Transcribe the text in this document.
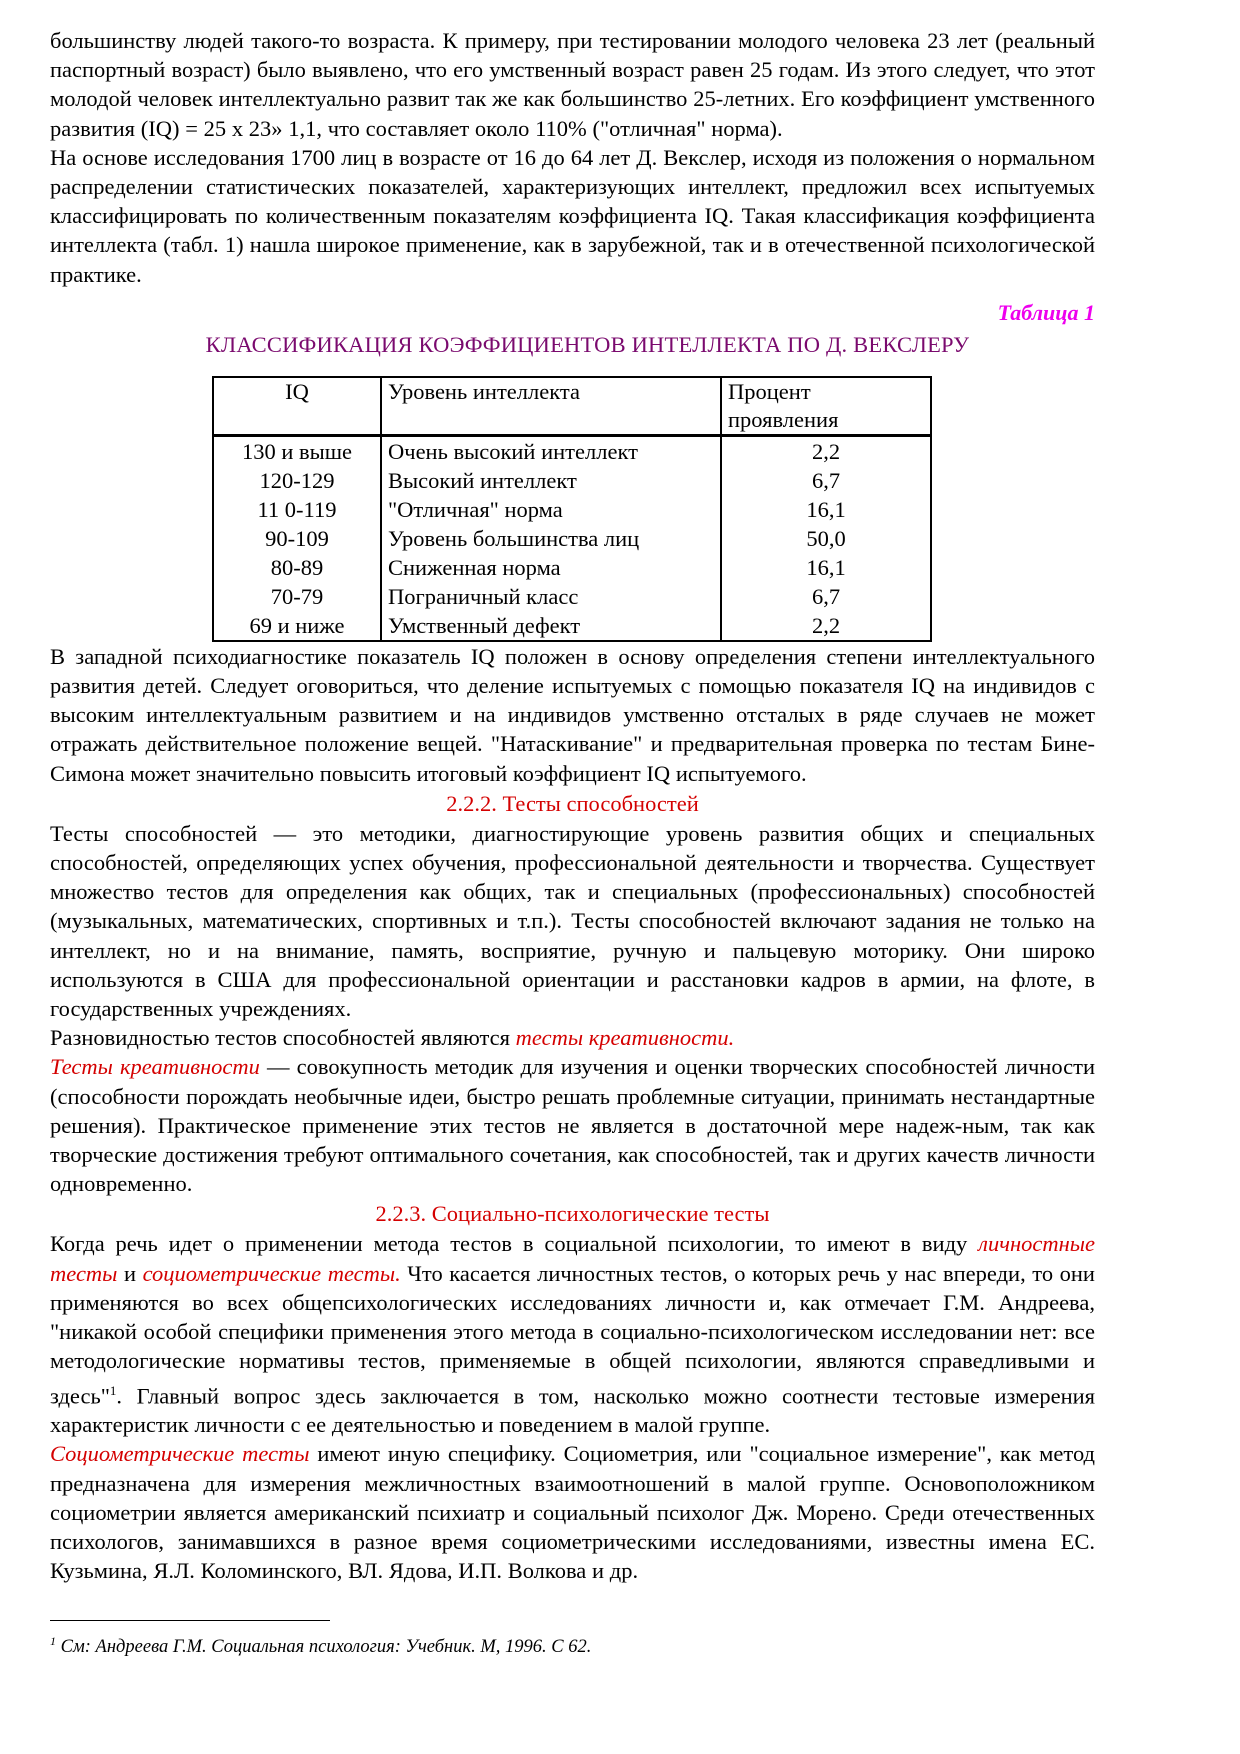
большинству людей такого-то возраста. К примеру, при тестировании молодого человека 23 лет (реальный паспортный возраст) было выявлено, что его умственный возраст равен 25 годам. Из этого следует, что этот молодой человек интеллектуально развит так же как большинство 25-летних. Его коэффициент умственного развития (IQ) = 25 x 23» 1,1, что составляет около 110% ("отличная" норма).

На основе исследования 1700 лиц в возрасте от 16 до 64 лет Д. Векслер, исходя из положения о нормальном распределении статистических показателей, характеризующих интеллект, предложил всех испытуемых классифицировать по количественным показателям коэффициента IQ. Такая классификация коэффициента интеллекта (табл. 1) нашла широкое применение, как в зарубежной, так и в отечественной психологической практике.

Таблица 1

КЛАССИФИКАЦИЯ КОЭФФИЦИЕНТОВ ИНТЕЛЛЕКТА ПО Д. ВЕКСЛЕРУ

IQ	Уровень интеллекта	Процент
проявления
130 и выше	Очень высокий интеллект	2,2
120-129	Высокий интеллект	6,7
11 0-119	"Отличная" норма	16,1
90-109	Уровень большинства лиц	50,0
80-89	Сниженная норма	16,1
70-79	Пограничный класс	6,7
69 и ниже	Умственный дефект	2,2

В западной психодиагностике показатель IQ положен в основу определения степени интеллектуального развития детей. Следует оговориться, что деление испытуемых с помощью показателя IQ на индивидов с высоким интеллектуальным развитием и на индивидов умственно отсталых в ряде случаев не может отражать действительное положение вещей. "Натаскивание" и предварительная проверка по тестам Бине-Симона может значительно повысить итоговый коэффициент IQ испытуемого.

2.2.2. Тесты способностей

Тесты способностей — это методики, диагностирующие уровень развития общих и специальных способностей, определяющих успех обучения, профессиональной деятельности и творчества. Существует множество тестов для определения как общих, так и специальных (профессиональных) способностей (музыкальных, математических, спортивных и т.п.). Тесты способностей включают задания не только на интеллект, но и на внимание, память, восприятие, ручную и пальцевую моторику. Они широко используются в США для профессиональной ориентации и расстановки кадров в армии, на флоте, в государственных учреждениях.

Разновидностью тестов способностей являются тесты креативности.

Тесты креативности — совокупность методик для изучения и оценки творческих способностей личности (способности порождать необычные идеи, быстро решать проблемные ситуации, принимать нестандартные решения). Практическое применение этих тестов не является в достаточной мере надеж-ным, так как творческие достижения требуют оптимального сочетания, как способностей, так и других качеств личности одновременно.

2.2.3. Социально-психологические тесты

Когда речь идет о применении метода тестов в социальной психологии, то имеют в виду личностные тесты и социометрические тесты. Что касается личностных тестов, о которых речь у нас впереди, то они применяются во всех общепсихологических исследованиях личности и, как отмечает Г.М. Андреева, "никакой особой специфики применения этого метода в социально-психологическом исследовании нет: все методологические нормативы тестов, применяемые в общей психологии, являются справедливыми и здесь"$^1$. Главный вопрос здесь заключается в том, насколько можно соотнести тестовые измерения характеристик личности с ее деятельностью и поведением в малой группе.

Социометрические тесты имеют иную специфику. Социометрия, или "социальное измерение", как метод предназначена для измерения межличностных взаимоотношений в малой группе. Основоположником социометрии является американский психиатр и социальный психолог Дж. Морено. Среди отечественных психологов, занимавшихся в разное время социометрическими исследованиями, известны имена ЕС. Кузьмина, Я.Л. Коломинского, ВЛ. Ядова, И.П. Волкова и др.

$^1$ См: Андреева Г.М. Социальная психология: Учебник. М, 1996. С 62.
